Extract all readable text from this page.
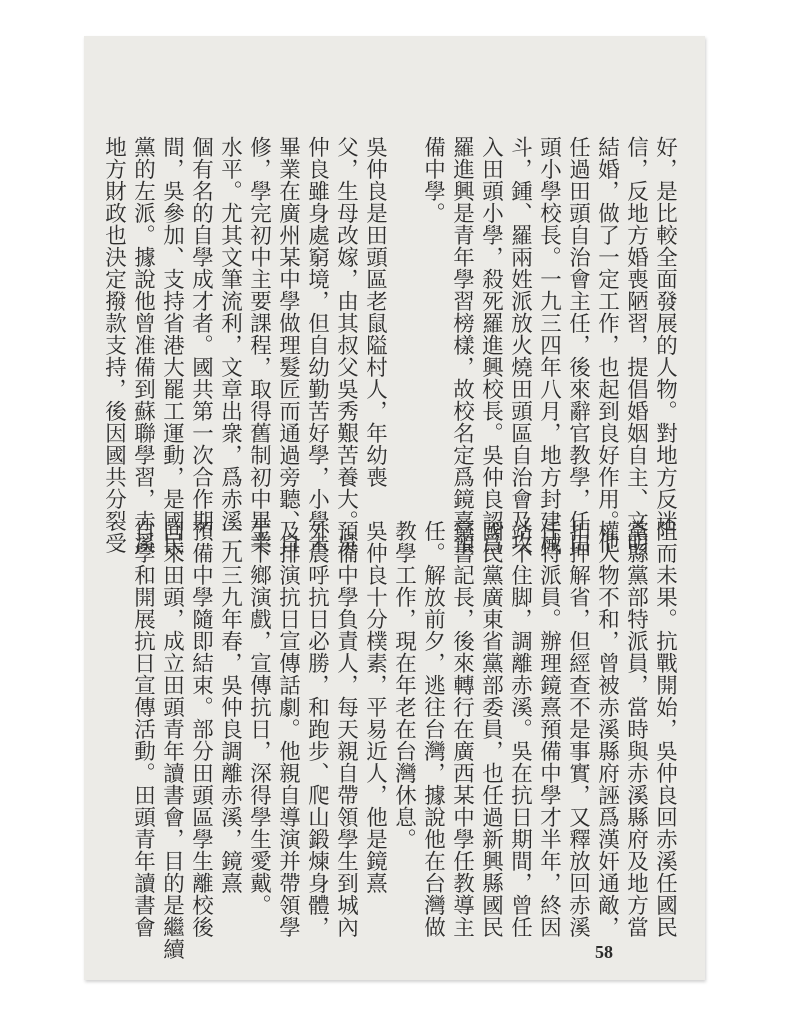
好，是比較全面發展的人物。對地方反迷
信，反地方婚喪陋習，提倡婚姻自主、文明
結婚，做了一定工作，也起到良好作用。他
任過田頭自治會主任，後來辭官教學，任田
頭小學校長。一九三四年八月，地方封建械
斗，鍾、羅兩姓派放火燒田頭區自治會及攻
入田頭小學，殺死羅進興校長。吳仲良認爲
羅進興是青年學習榜樣，故校名定爲鏡熹預
備中學。
吳仲良是田頭區老鼠隘村人，年幼喪
父，生母改嫁，由其叔父吳秀艱苦養大。吳
仲良雖身處窮境，但自幼勤苦好學，小學未
畢業在廣州某中學做理髮匠而通過旁聽、自
修，學完初中主要課程，取得舊制初中畢業
水平。尤其文筆流利，文章出衆，爲赤溪一
個有名的自學成才者。國共第一次合作期
間，吳參加、支持省港大罷工運動，是國民
黨的左派。據說他曾准備到蘇聯學習，赤溪
地方財政也決定撥款支持，後因國共分裂受
阻而未果。抗戰開始，吳仲良回赤溪任國民
黨縣黨部特派員，當時與赤溪縣府及地方當
權人物不和，曾被赤溪縣府誣爲漢奸通敵，
扣押解省，但經查不是事實，又釋放回赤溪
任特派員。辦理鏡熹預備中學才半年，終因
站不住脚，調離赤溪。吳在抗日期間，曾任
國民黨廣東省黨部委員，也任過新興縣國民
黨書記長，後來轉行在廣西某中學任教導主
任。解放前夕，逃往台灣，據說他在台灣做
教學工作，現在年老在台灣休息。
吳仲良十分樸素，平易近人，他是鏡熹
預備中學負責人，每天親自帶領學生到城內
外晨呼抗日必勝，和跑步、爬山鍛煉身體，
及排演抗日宣傳話劇。他親自導演并帶領學
生下鄉演戲，宣傳抗日，深得學生愛戴。
一九三九年春，吳仲良調離赤溪，鏡熹
預備中學隨即結束。部分田頭區學生離校後
回來田頭，成立田頭青年讀書會，目的是繼續
自學和開展抗日宣傳活動。田頭青年讀書會
58
